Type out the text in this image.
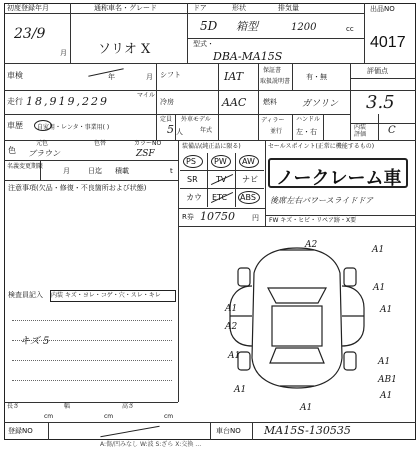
初度登録年月
23/9
月
通称車名・グレード
ソリオ X
ドア
5D
形状
箱型
排気量
1200	cc
型式・
DBA-MA15S
出品NO
4017
車検	年	月 シフト	IAT	保証書
取扱説明書
有・無
評価点
3.5
走行 18,919,229	マイル
冷房	AAC 燃料	ガソリン
車歴 自家用・レンタ・事業用( )
定員
5 人
外車モデル
年式
ディラー
並行
ハンドル
左・右
内装
評価 C
色
元色	色替	カラーNO
ブラウン	ZSF
名義変更期限
月	日迄 積載	t
注意事項(欠品・修復・不良箇所および状態)
検査員記入 内装 キズ・ヨレ・コゲ・穴・スレ・キレ
キズ 5
装備品(純正品に限る)
PS PW AW
SR TV ナビ
カウ ETC ABS
R券 10750 円
セールスポイント(正常に機能するもの)
ノークレーム車
後席左右パワースライドドア
FW キズ・ヒビ・リペア跡・X要
A2	A1
A1
A1
A2
A1
A1
A1
AB1
A1
A1
A1
長さ
cm
幅
cm
高さ
cm
登録NO	車台NO MA15S-130535
A:傷/凹みなし W:波 S:ざら X:交換 …
